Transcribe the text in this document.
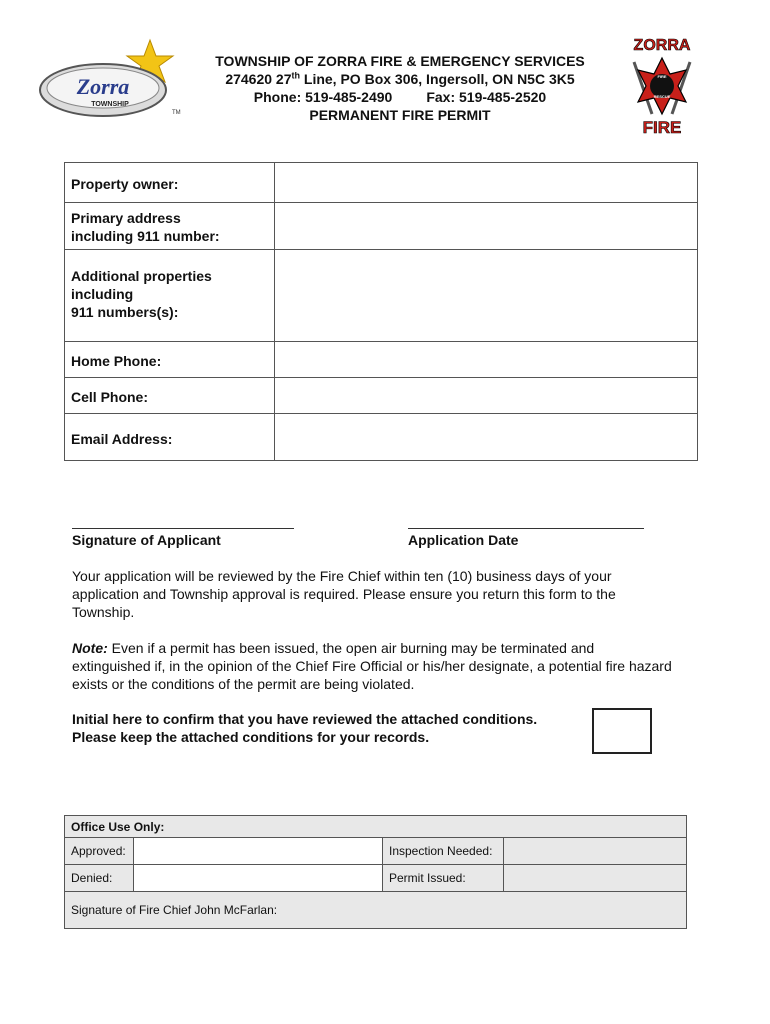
Zorra
TOWNSHIP
TM
TOWNSHIP OF ZORRA FIRE & EMERGENCY SERVICES
274620 27th Line, PO Box 306, Ingersoll, ON N5C 3K5
Phone: 519-485-2490 Fax: 519-485-2520
PERMANENT FIRE PERMIT
ZORRA
FIRE
RESCUE
FIRE
Property owner:	

Primary address
including 911 number:	

Additional properties
including
911 numbers(s):	

Home Phone:	
Cell Phone:	
Email Address:	
Signature of Applicant	Application Date
Your application will be reviewed by the Fire Chief within ten (10) business days of your application and Township approval is required. Please ensure you return this form to the Township.
Note: Even if a permit has been issued, the open air burning may be terminated and extinguished if, in the opinion of the Chief Fire Official or his/her designate, a potential fire hazard exists or the conditions of the permit are being violated.
Initial here to confirm that you have reviewed the attached conditions.
Please keep the attached conditions for your records.
Office Use Only:			
Approved:		Inspection Needed:	
Denied:		Permit Issued:	
Signature of Fire Chief John McFarlan:			
